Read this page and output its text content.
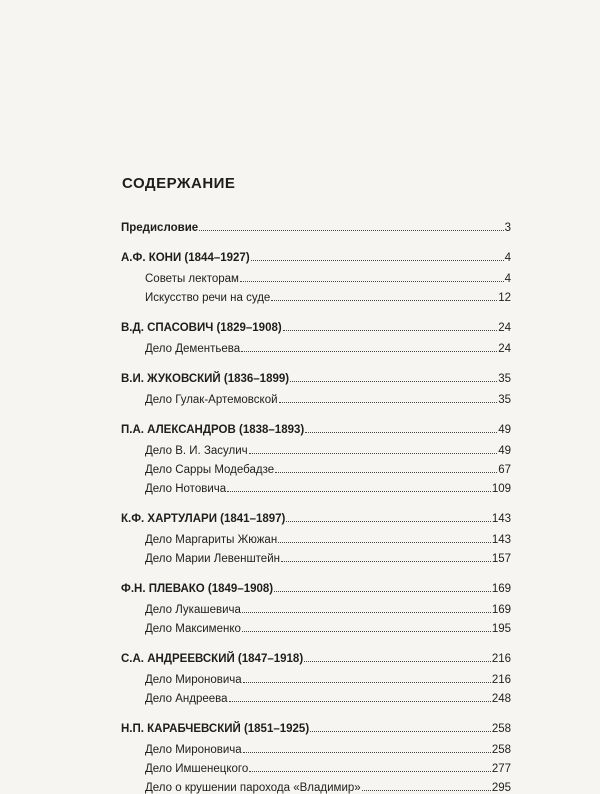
СОДЕРЖАНИЕ
Предисловие	3
А.Ф. КОНИ (1844–1927)	4
Советы лекторам	4
Искусство речи на суде	12
В.Д. СПАСОВИЧ (1829–1908)	24
Дело Дементьева	24
В.И. ЖУКОВСКИЙ (1836–1899)	35
Дело Гулак-Артемовской	35
П.А. АЛЕКСАНДРОВ (1838–1893)	49
Дело В. И. Засулич	49
Дело Сарры Модебадзе	67
Дело Нотовича	109
К.Ф. ХАРТУЛАРИ (1841–1897)	143
Дело Маргариты Жюжан	143
Дело Марии Левенштейн	157
Ф.Н. ПЛЕВАКО (1849–1908)	169
Дело Лукашевича	169
Дело Максименко	195
С.А. АНДРЕЕВСКИЙ (1847–1918)	216
Дело Мироновича	216
Дело Андреева	248
Н.П. КАРАБЧЕВСКИЙ (1851–1925)	258
Дело Мироновича	258
Дело Имшенецкого	277
Дело о крушении парохода «Владимир»	295
